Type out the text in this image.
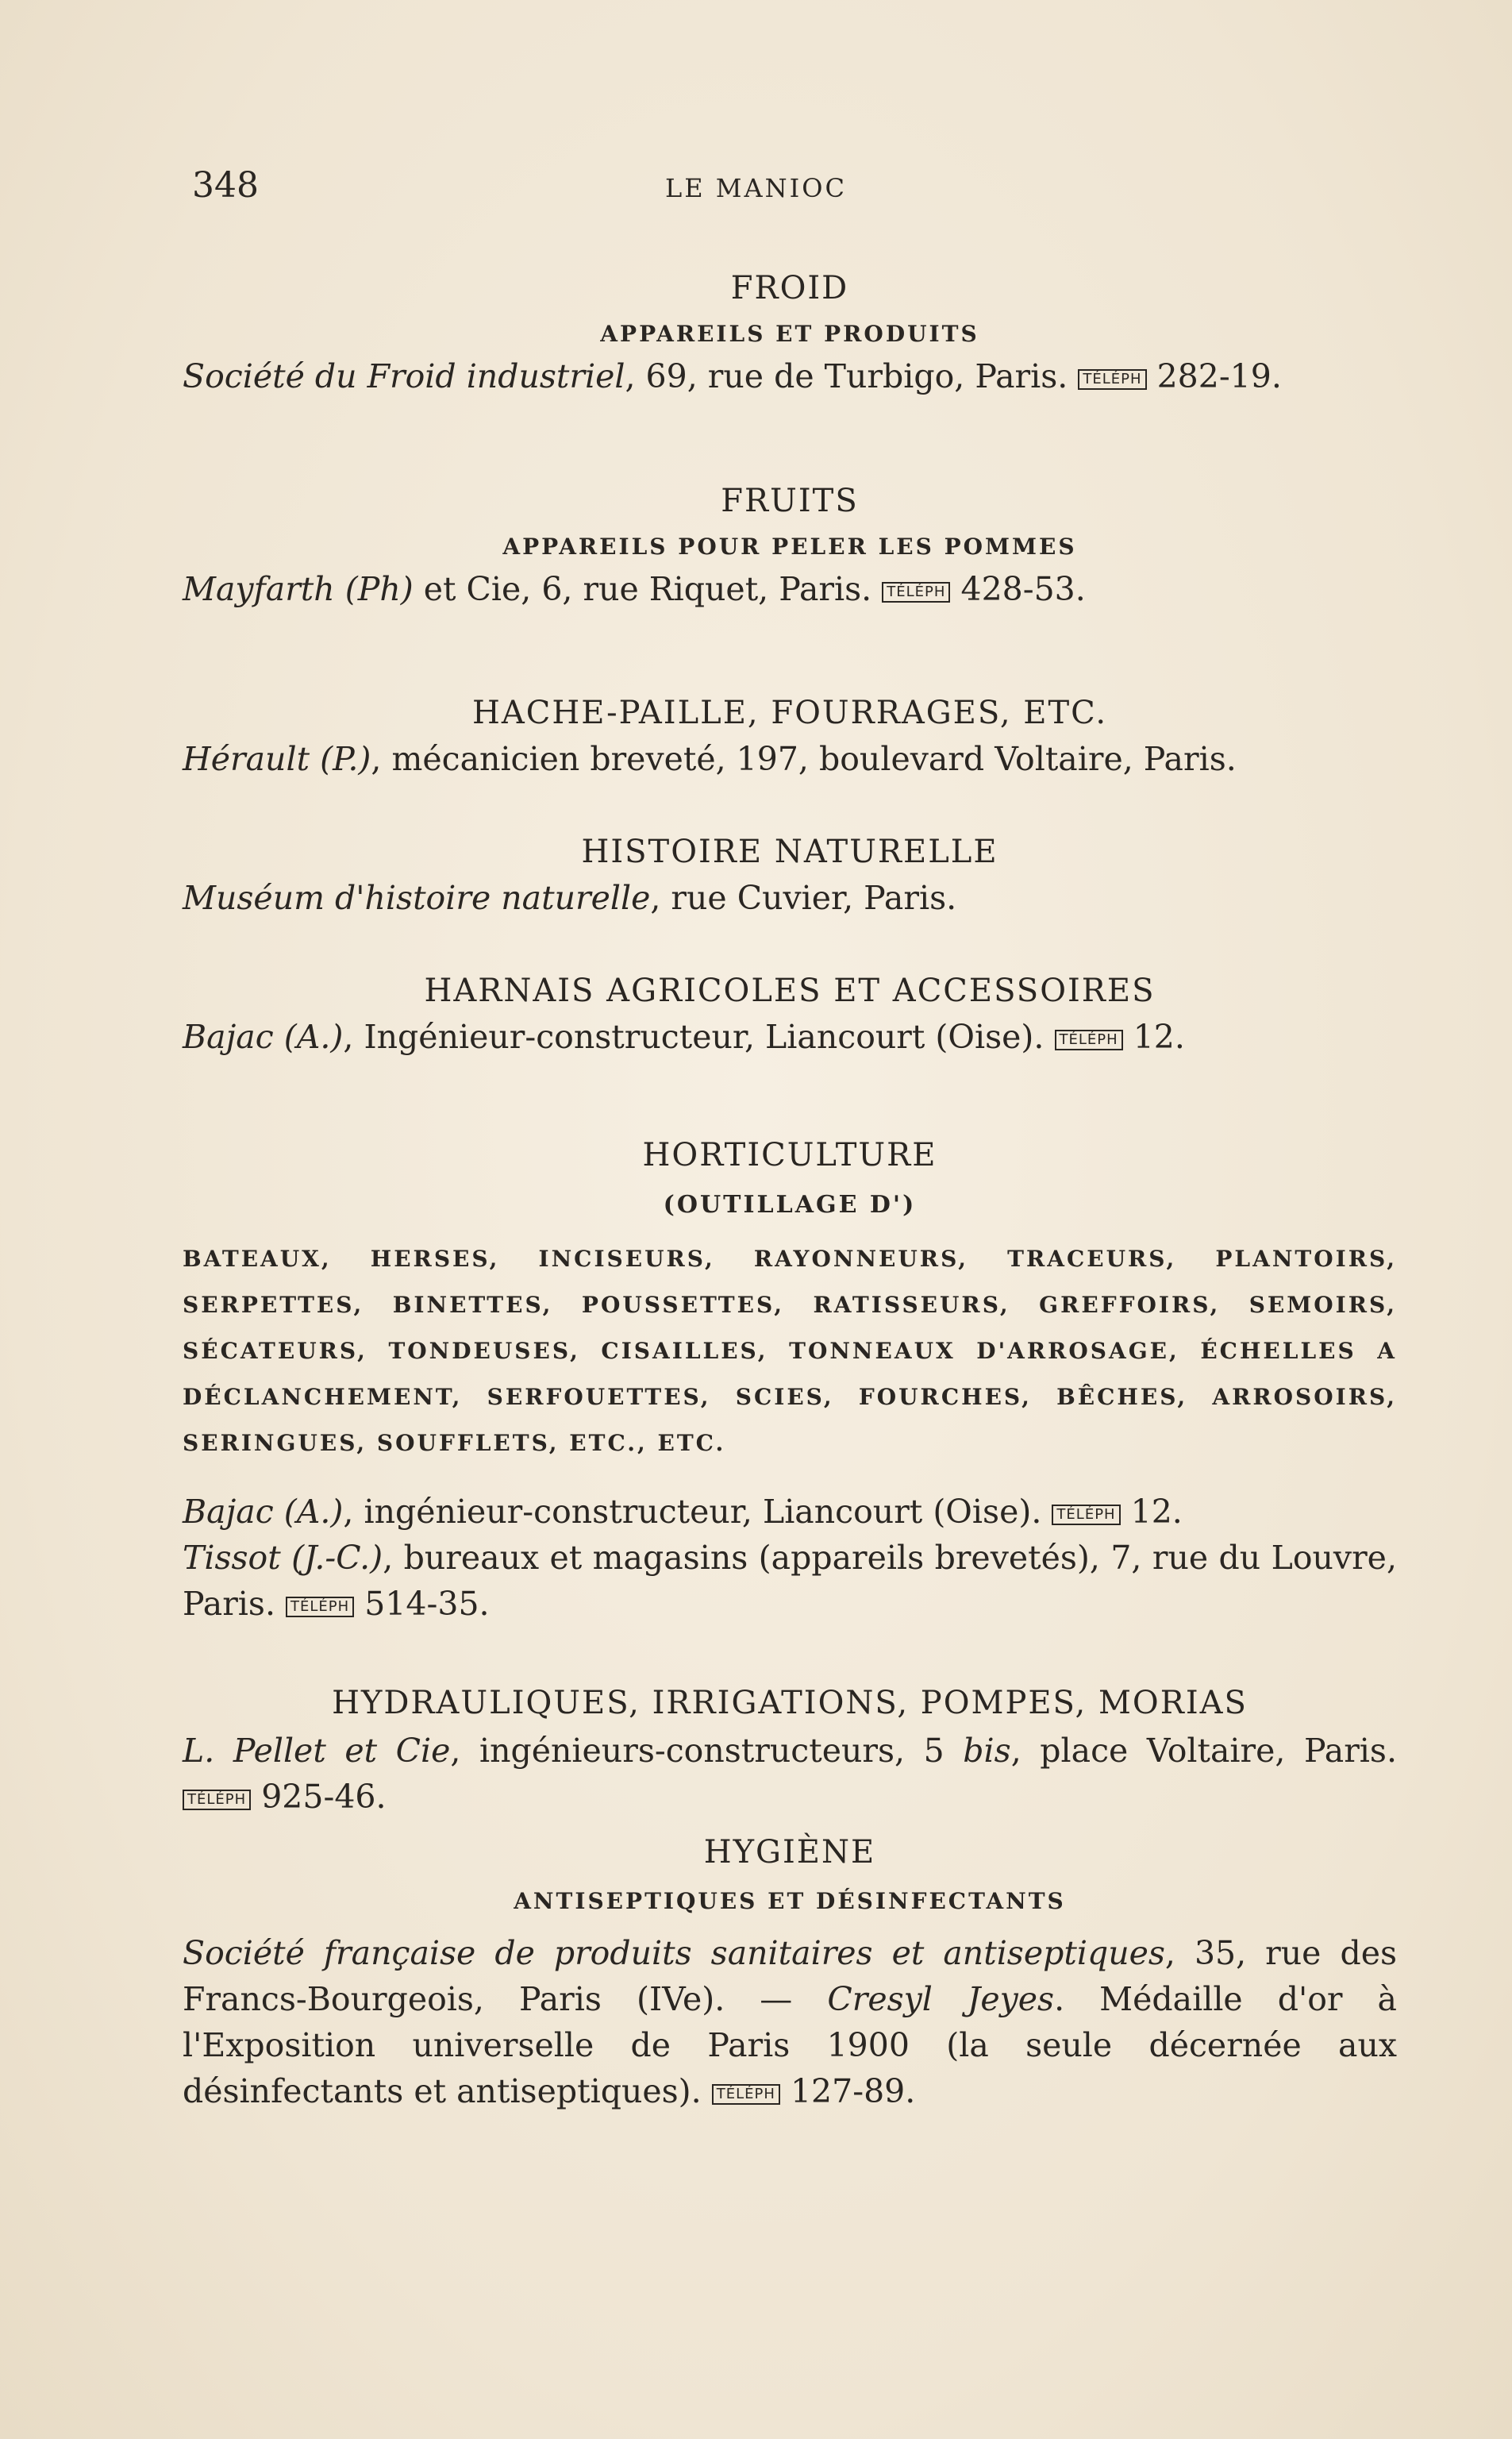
348	LE MANIOC
FROID
APPAREILS ET PRODUITS
Société du Froid industriel, 69, rue de Turbigo, Paris. TÉLÉPH 282-19.
FRUITS
APPAREILS POUR PELER LES POMMES
Mayfarth (Ph) et Cie, 6, rue Riquet, Paris. TÉLÉPH 428-53.
HACHE-PAILLE, FOURRAGES, ETC.
Hérault (P.), mécanicien breveté, 197, boulevard Voltaire, Paris.
HISTOIRE NATURELLE
Muséum d'histoire naturelle, rue Cuvier, Paris.
HARNAIS AGRICOLES ET ACCESSOIRES
Bajac (A.), Ingénieur-constructeur, Liancourt (Oise). TÉLÉPH 12.
HORTICULTURE
(OUTILLAGE D')
BATEAUX, HERSES, INCISEURS, RAYONNEURS, TRACEURS, PLANTOIRS, SERPETTES, BINETTES, POUSSETTES, RATISSEURS, GREFFOIRS, SEMOIRS, SÉCATEURS, TONDEUSES, CISAILLES, TONNEAUX D'ARROSAGE, ÉCHELLES A DÉCLANCHEMENT, SERFOUETTES, SCIES, FOURCHES, BÊCHES, ARROSOIRS, SERINGUES, SOUFFLETS, ETC., ETC.
Bajac (A.), ingénieur-constructeur, Liancourt (Oise). TÉLÉPH 12.
Tissot (J.-C.), bureaux et magasins (appareils brevetés), 7, rue du Louvre, Paris. TÉLÉPH 514-35.
HYDRAULIQUES, IRRIGATIONS, POMPES, MORIAS
L. Pellet et Cie, ingénieurs-constructeurs, 5 bis, place Voltaire, Paris. TÉLÉPH 925-46.
HYGIÈNE
ANTISEPTIQUES ET DÉSINFECTANTS
Société française de produits sanitaires et antiseptiques, 35, rue des Francs-Bourgeois, Paris (IVe). — Cresyl Jeyes. Médaille d'or à l'Exposition universelle de Paris 1900 (la seule décernée aux désinfectants et antiseptiques). TÉLÉPH 127-89.
